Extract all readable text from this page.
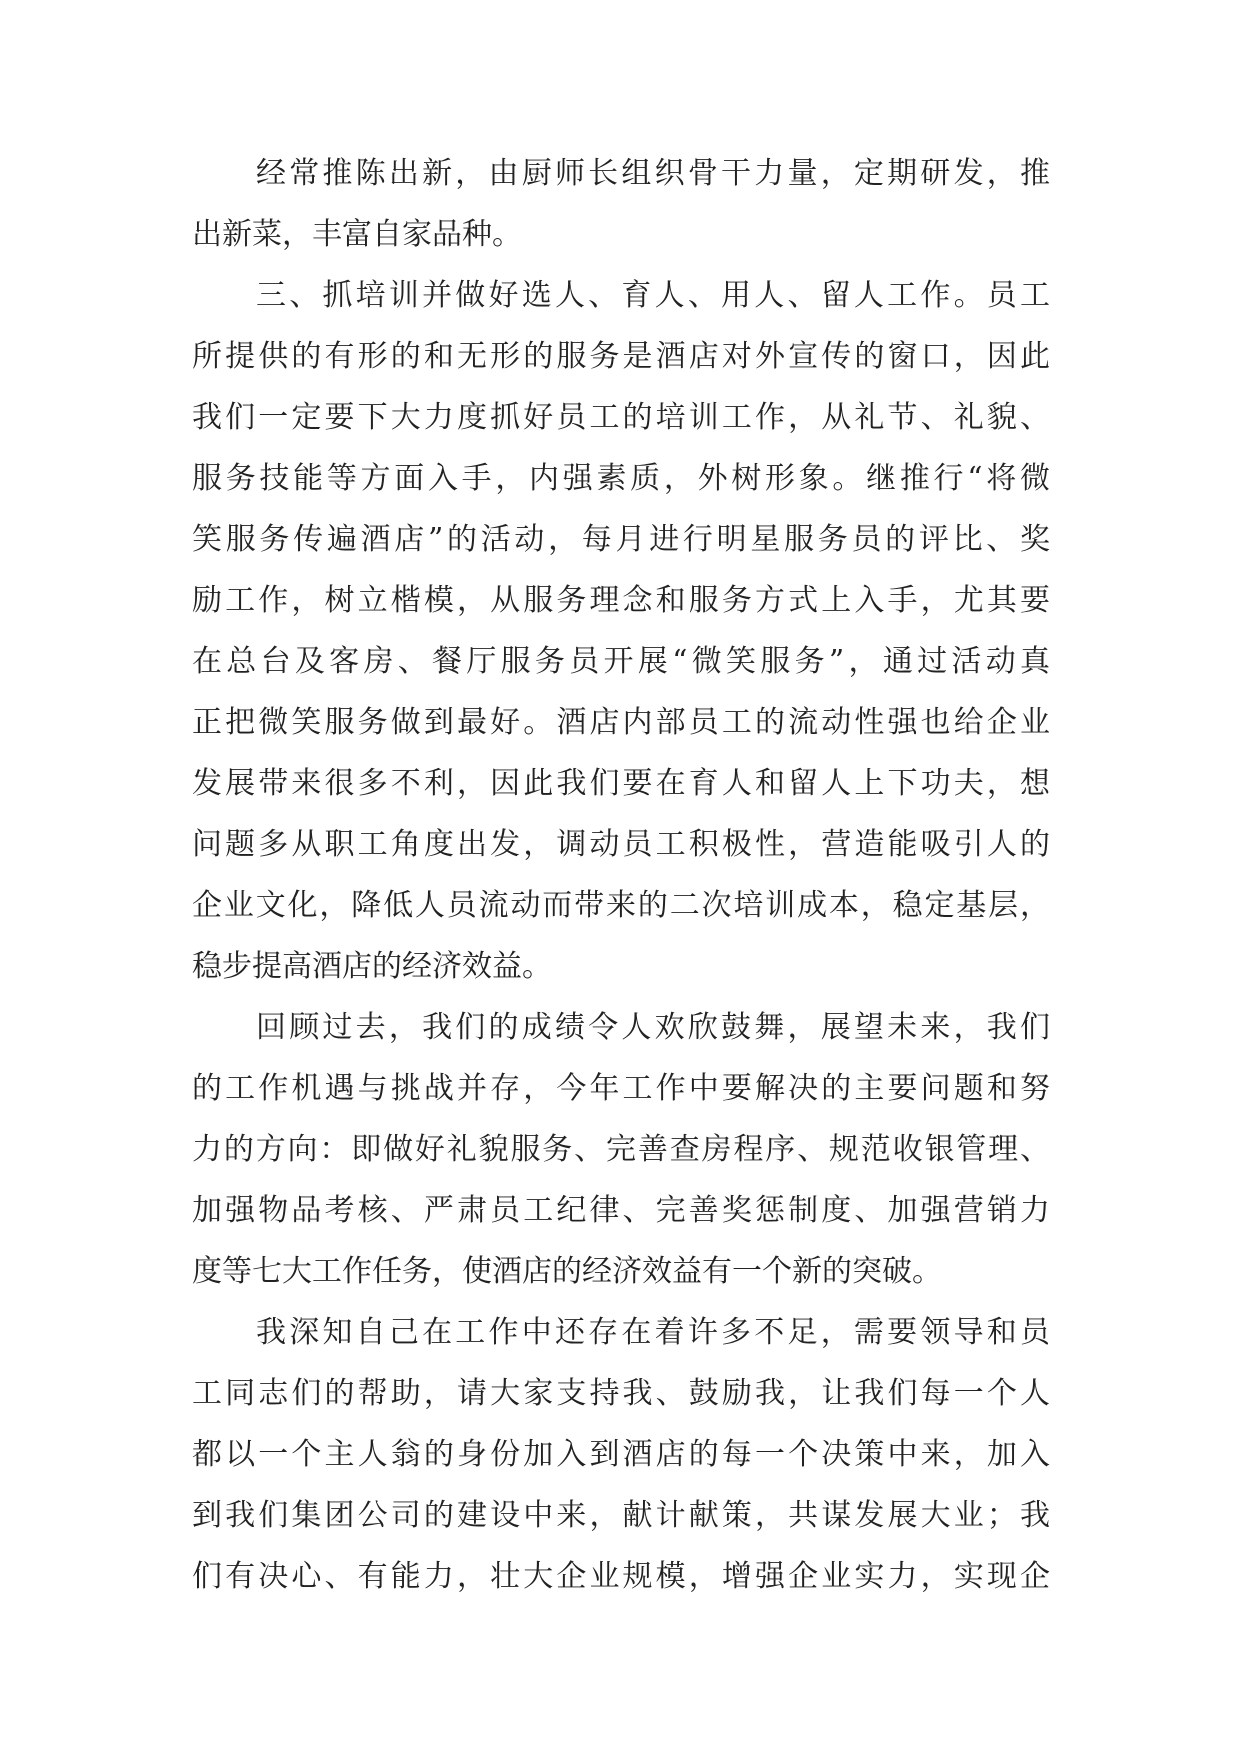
经常推陈出新，由厨师长组织骨干力量，定期研发，推
出新菜，丰富自家品种。
三、抓培训并做好选人、育人、用人、留人工作。员工
所提供的有形的和无形的服务是酒店对外宣传的窗口，因此
我们一定要下大力度抓好员工的培训工作，从礼节、礼貌、
服务技能等方面入手，内强素质，外树形象。继推行“将微
笑服务传遍酒店”的活动，每月进行明星服务员的评比、奖
励工作，树立楷模，从服务理念和服务方式上入手，尤其要
在总台及客房、餐厅服务员开展“微笑服务”，通过活动真
正把微笑服务做到最好。酒店内部员工的流动性强也给企业
发展带来很多不利，因此我们要在育人和留人上下功夫，想
问题多从职工角度出发，调动员工积极性，营造能吸引人的
企业文化，降低人员流动而带来的二次培训成本，稳定基层，
稳步提高酒店的经济效益。
回顾过去，我们的成绩令人欢欣鼓舞，展望未来，我们
的工作机遇与挑战并存，今年工作中要解决的主要问题和努
力的方向：即做好礼貌服务、完善查房程序、规范收银管理、
加强物品考核、严肃员工纪律、完善奖惩制度、加强营销力
度等七大工作任务，使酒店的经济效益有一个新的突破。
我深知自己在工作中还存在着许多不足，需要领导和员
工同志们的帮助，请大家支持我、鼓励我，让我们每一个人
都以一个主人翁的身份加入到酒店的每一个决策中来，加入
到我们集团公司的建设中来，献计献策，共谋发展大业；我
们有决心、有能力，壮大企业规模，增强企业实力，实现企
